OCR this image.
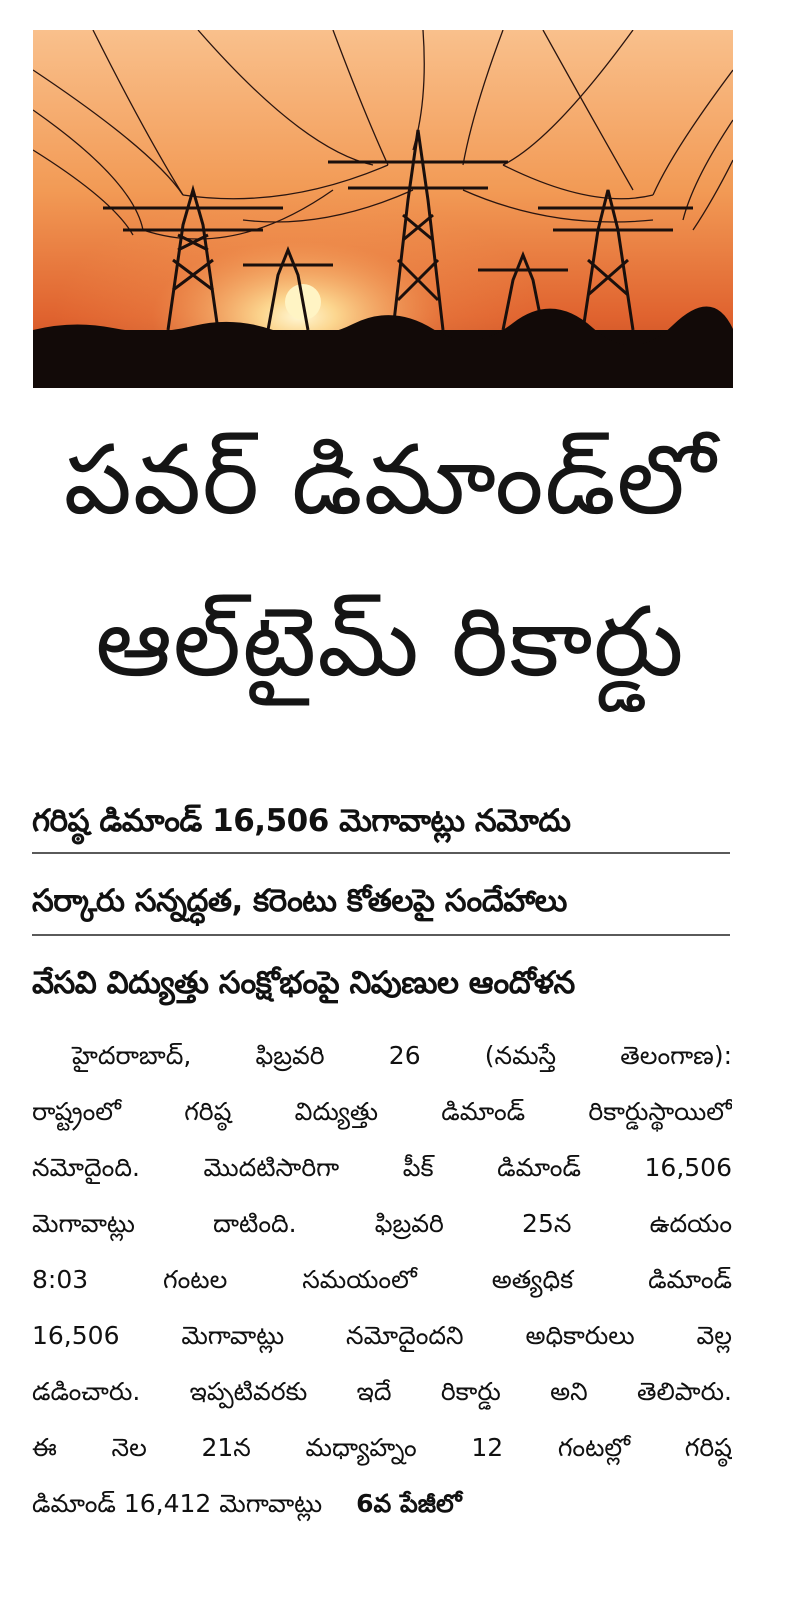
పవర్ డిమాండ్‌లో
ఆల్‌టైమ్ రికార్డు
గరిష్ఠ డిమాండ్ 16,506 మెగావాట్లు నమోదు
సర్కారు సన్నద్ధత, కరెంటు కోతలపై సందేహాలు
వేసవి విద్యుత్తు సంక్షోభంపై నిపుణుల ఆందోళన
హైదరాబాద్, ఫిబ్రవరి 26 (నమస్తే తెలంగాణ):
రాష్ట్రంలో గరిష్ఠ విద్యుత్తు డిమాండ్ రికార్డుస్థాయిలో
నమోదైంది. మొదటిసారిగా పీక్ డిమాండ్ 16,506
మెగావాట్లు దాటింది. ఫిబ్రవరి 25న ఉదయం
8:03 గంటల సమయంలో అత్యధిక డిమాండ్
16,506 మెగావాట్లు నమోదైందని అధికారులు వెల్ల
డడించారు. ఇప్పటివరకు ఇదే రికార్డు అని తెలిపారు.
ఈ నెల 21న మధ్యాహ్నం 12 గంటల్లో గరిష్ఠ
డిమాండ్ 16,412 మెగావాట్లు 6వ పేజీలో
